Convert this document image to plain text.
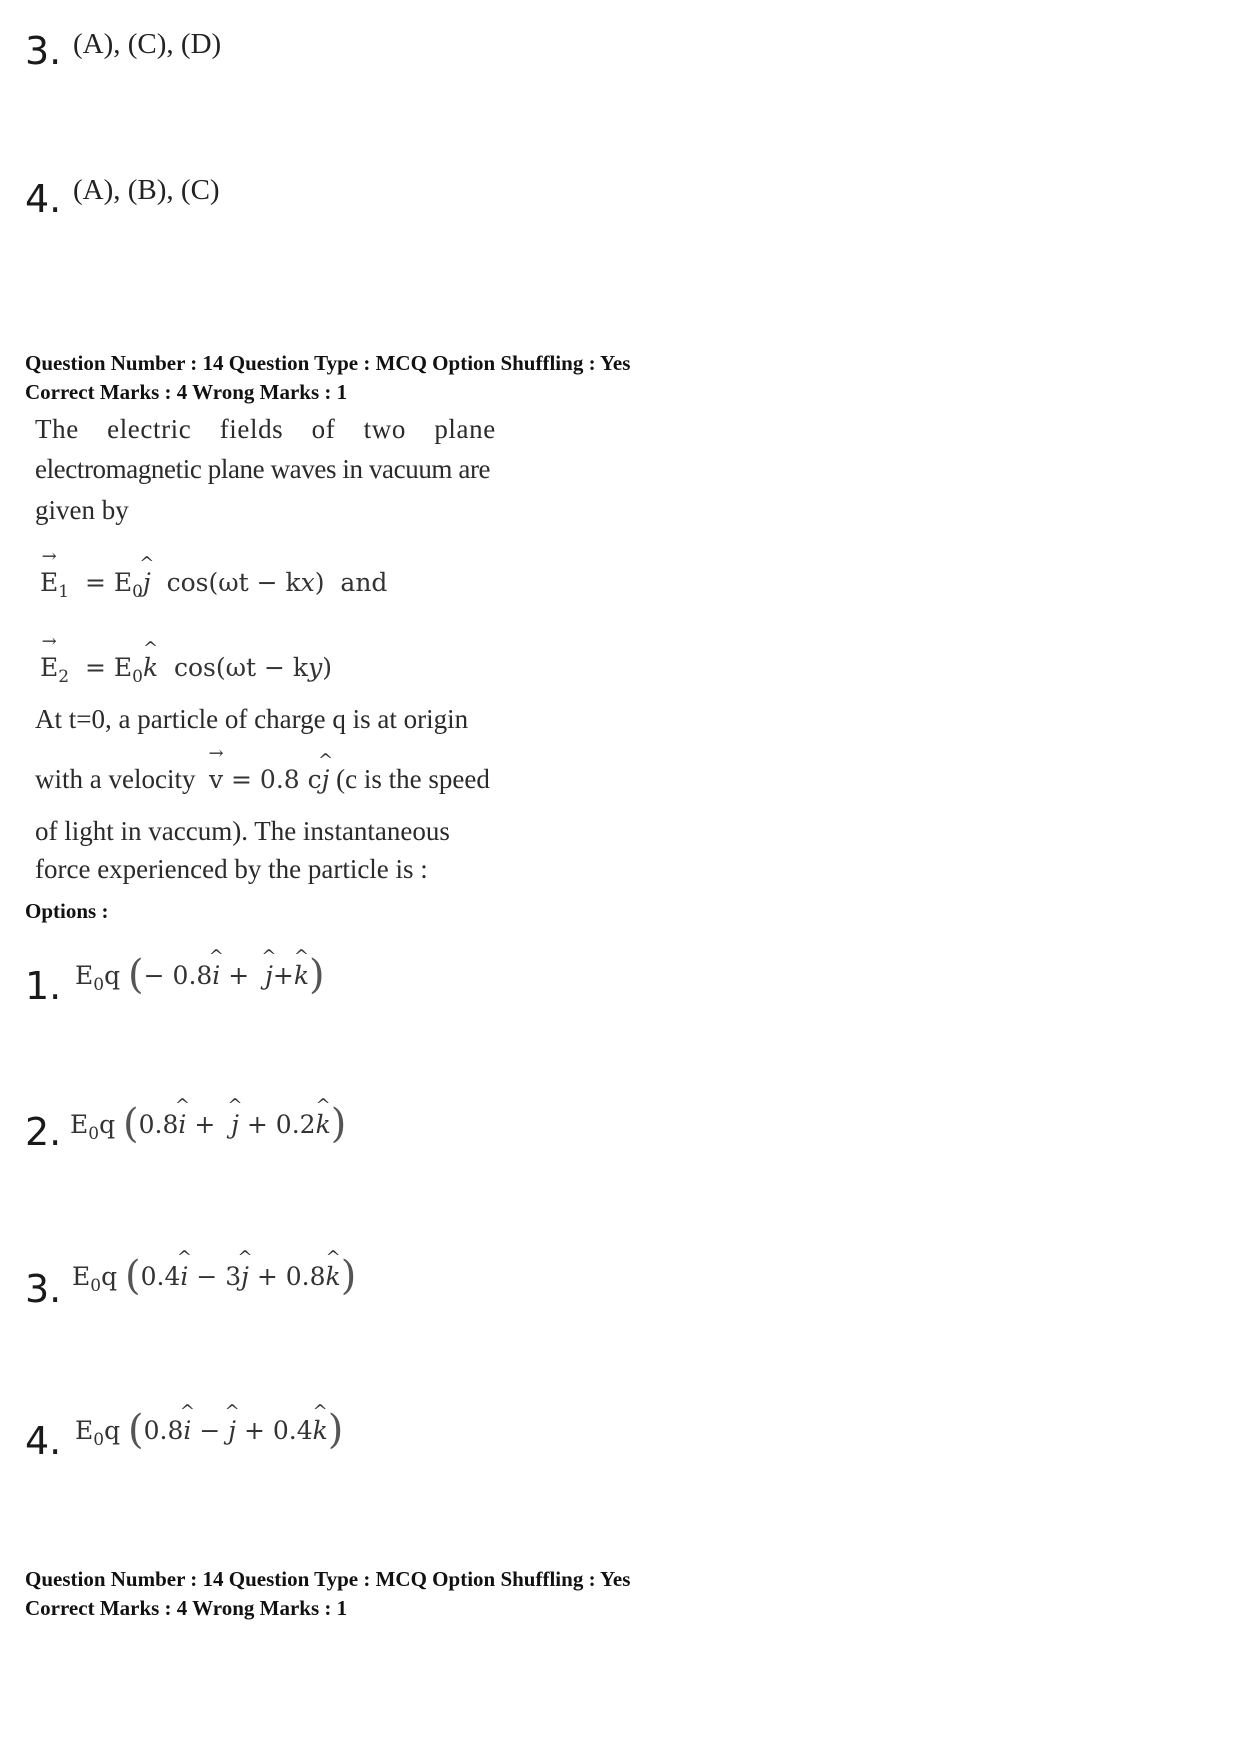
3. (A), (C), (D)
4. (A), (B), (C)
Question Number : 14 Question Type : MCQ Option Shuffling : Yes
Correct Marks : 4 Wrong Marks : 1
The electric fields of two plane
electromagnetic plane waves in vacuum are
given by
→ $E_1$  = $E_0\^{}$ j  cos(ωt − kx)  and
→ $E_2$  = $E_0\^{}$ k  cos(ωt − ky)
At t=0, a particle of charge q is at origin
with a velocity  → v = 0.8 c^ j (c is the speed
of light in vaccum). The instantaneous
force experienced by the particle is :
Options :
1. $E_0q$ (− 0.8^ i +  ^ j+^ k)
2. $E_0q$ (0.8^ i +  ^ j + 0.2^ k)
3. $E_0q$ (0.4^ i − 3^ j + 0.8^ k)
4. $E_0q$ (0.8^ i − ^ j + 0.4^ k)
Question Number : 14 Question Type : MCQ Option Shuffling : Yes
Correct Marks : 4 Wrong Marks : 1
